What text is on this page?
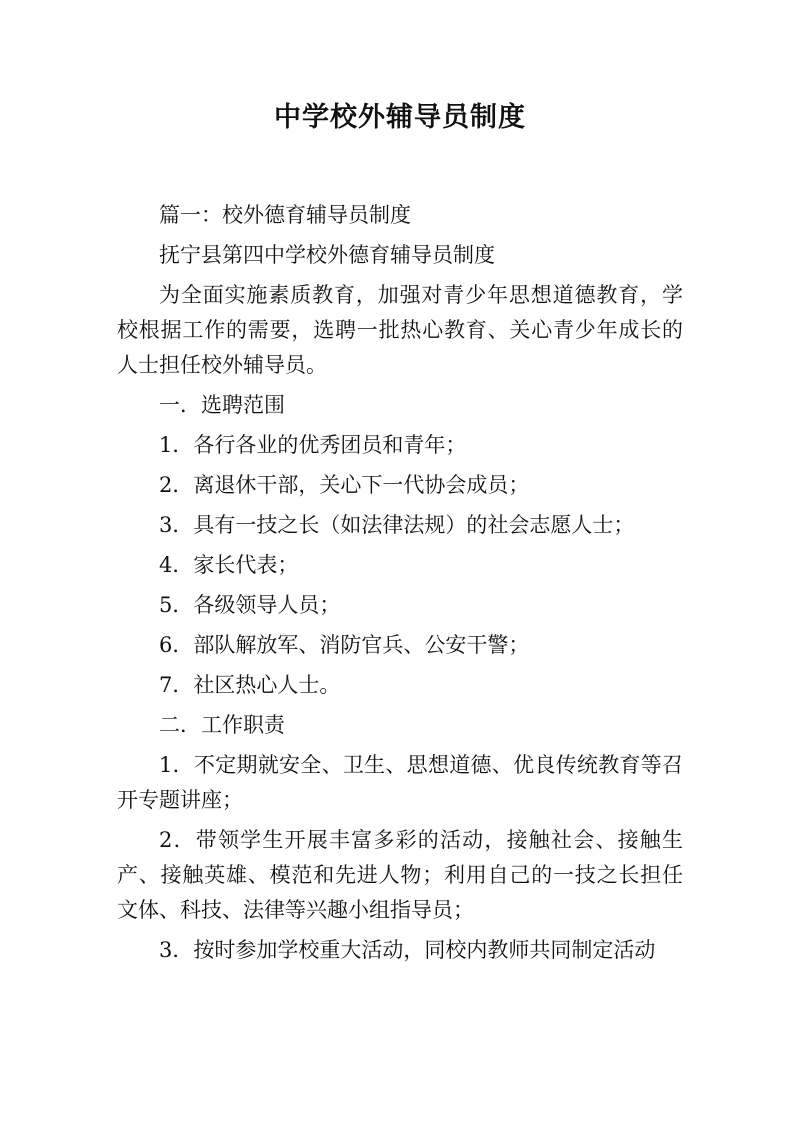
中学校外辅导员制度

篇一：校外德育辅导员制度

抚宁县第四中学校外德育辅导员制度

为全面实施素质教育，加强对青少年思想道德教育，学校根据工作的需要，选聘一批热心教育、关心青少年成长的人士担任校外辅导员。

一．选聘范围

1．各行各业的优秀团员和青年；

2．离退休干部，关心下一代协会成员；

3．具有一技之长（如法律法规）的社会志愿人士；

4．家长代表；

5．各级领导人员；

6．部队解放军、消防官兵、公安干警；

7．社区热心人士。

二．工作职责

1．不定期就安全、卫生、思想道德、优良传统教育等召开专题讲座；

2．带领学生开展丰富多彩的活动，接触社会、接触生产、接触英雄、模范和先进人物；利用自己的一技之长担任文体、科技、法律等兴趣小组指导员；

3．按时参加学校重大活动，同校内教师共同制定活动
